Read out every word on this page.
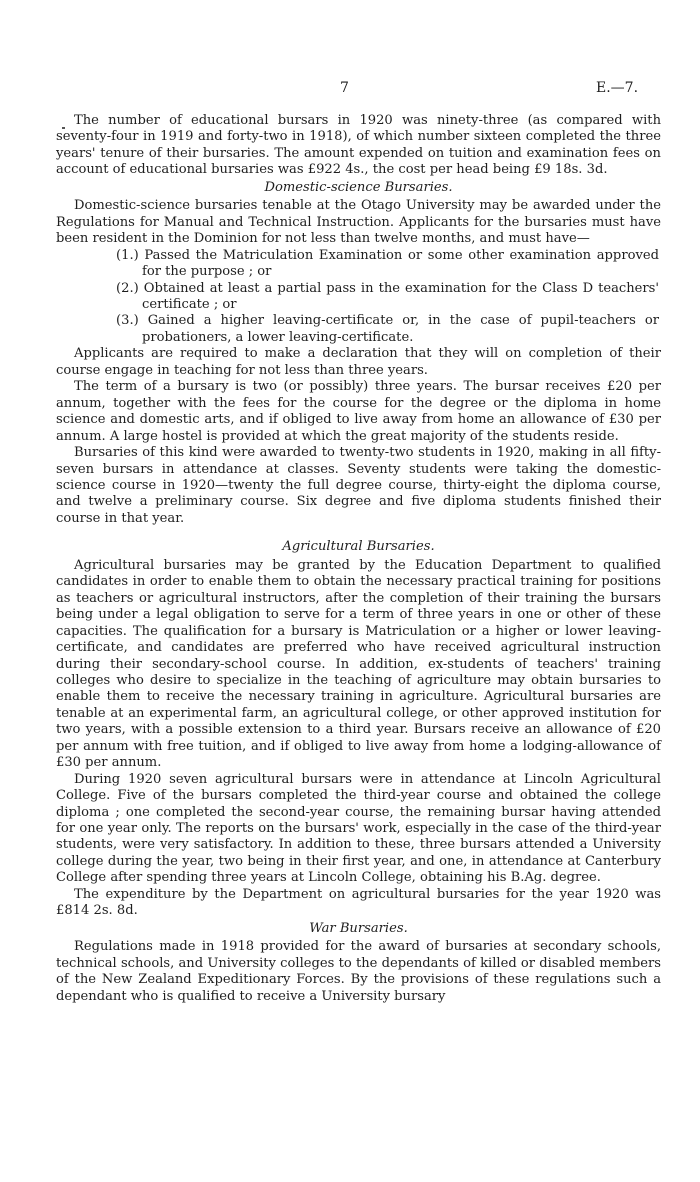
7	E.—7.

The number of educational bursars in 1920 was ninety-three (as compared with seventy-four in 1919 and forty-two in 1918), of which number sixteen completed the three years' tenure of their bursaries. The amount expended on tuition and examination fees on account of educational bursaries was £922 4s., the cost per head being £9 18s. 3d.

Domestic-science Bursaries.

Domestic-science bursaries tenable at the Otago University may be awarded under the Regulations for Manual and Technical Instruction. Applicants for the bursaries must have been resident in the Dominion for not less than twelve months, and must have—

(1.) Passed the Matriculation Examination or some other examination approved for the purpose ; or
(2.) Obtained at least a partial pass in the examination for the Class D teachers' certificate ; or
(3.) Gained a higher leaving-certificate or, in the case of pupil-teachers or probationers, a lower leaving-certificate.

Applicants are required to make a declaration that they will on completion of their course engage in teaching for not less than three years.

The term of a bursary is two (or possibly) three years. The bursar receives £20 per annum, together with the fees for the course for the degree or the diploma in home science and domestic arts, and if obliged to live away from home an allowance of £30 per annum. A large hostel is provided at which the great majority of the students reside.

Bursaries of this kind were awarded to twenty-two students in 1920, making in all fifty-seven bursars in attendance at classes. Seventy students were taking the domestic-science course in 1920—twenty the full degree course, thirty-eight the diploma course, and twelve a preliminary course. Six degree and five diploma students finished their course in that year.

Agricultural Bursaries.

Agricultural bursaries may be granted by the Education Department to qualified candidates in order to enable them to obtain the necessary practical training for positions as teachers or agricultural instructors, after the completion of their training the bursars being under a legal obligation to serve for a term of three years in one or other of these capacities. The qualification for a bursary is Matriculation or a higher or lower leaving-certificate, and candidates are preferred who have received agricultural instruction during their secondary-school course. In addition, ex-students of teachers' training colleges who desire to specialize in the teaching of agriculture may obtain bursaries to enable them to receive the necessary training in agriculture. Agricultural bursaries are tenable at an experimental farm, an agricultural college, or other approved institution for two years, with a possible extension to a third year. Bursars receive an allowance of £20 per annum with free tuition, and if obliged to live away from home a lodging-allowance of £30 per annum.

During 1920 seven agricultural bursars were in attendance at Lincoln Agricultural College. Five of the bursars completed the third-year course and obtained the college diploma ; one completed the second-year course, the remaining bursar having attended for one year only. The reports on the bursars' work, especially in the case of the third-year students, were very satisfactory. In addition to these, three bursars attended a University college during the year, two being in their first year, and one, in attendance at Canterbury College after spending three years at Lincoln College, obtaining his B.Ag. degree.

The expenditure by the Department on agricultural bursaries for the year 1920 was £814 2s. 8d.

War Bursaries.

Regulations made in 1918 provided for the award of bursaries at secondary schools, technical schools, and University colleges to the dependants of killed or disabled members of the New Zealand Expeditionary Forces. By the provisions of these regulations such a dependant who is qualified to receive a University bursary
